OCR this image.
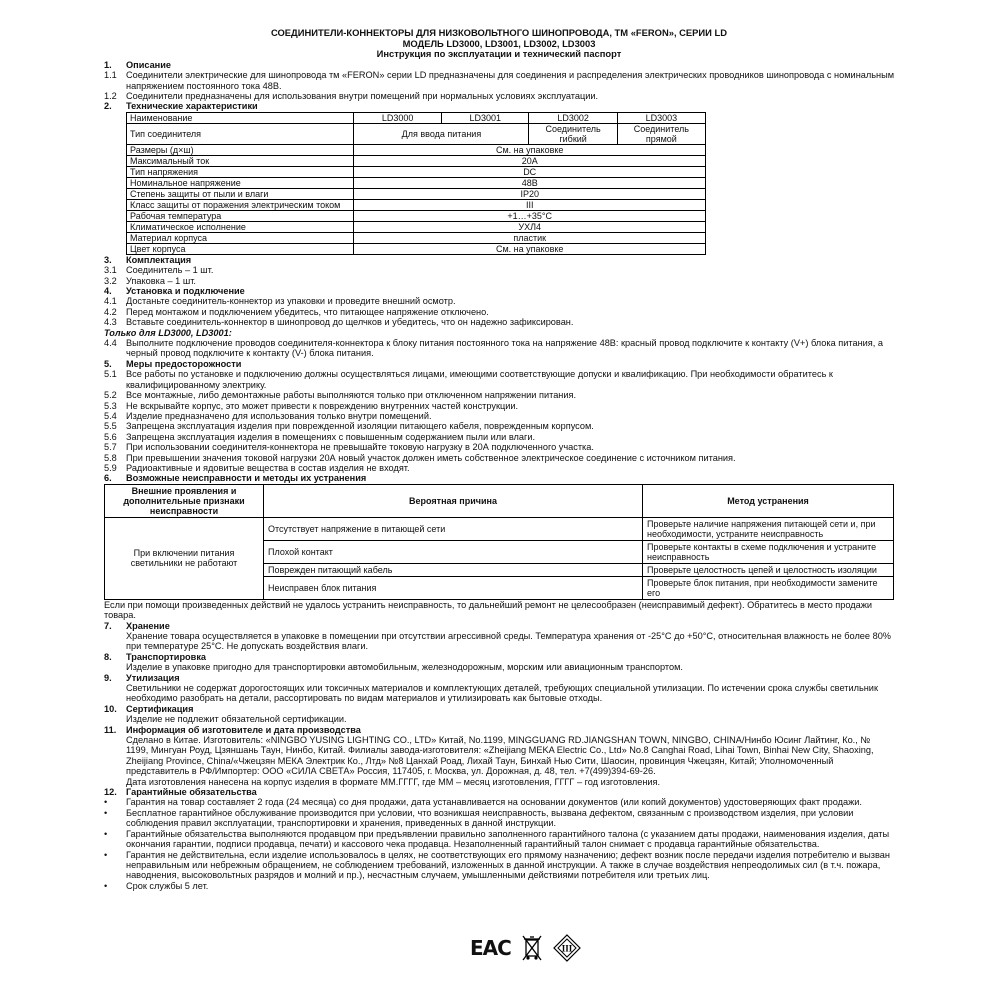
СОЕДИНИТЕЛИ-КОННЕКТОРЫ ДЛЯ НИЗКОВОЛЬТНОГО ШИНОПРОВОДА, ТМ «FERON», СЕРИИ LD
МОДЕЛЬ LD3000, LD3001, LD3002, LD3003
Инструкция по эксплуатации и технический паспорт
1.	Описание
1.1	Соединители электрические для шинопровода тм «FERON» серии LD предназначены для соединения и распределения электрических проводников шинопровода с номинальным напряжением постоянного тока 48В.
1.2	Соединители предназначены для использования внутри помещений при нормальных условиях эксплуатации.
2.	Технические характеристики
Наименование	LD3000	LD3001	LD3002	LD3003
Тип соединителя	Для ввода питания		Соединитель гибкий	Соединитель прямой
Размеры (д×ш)	См. на упаковке			
Максимальный ток	20А			
Тип напряжения	DC			
Номинальное напряжение	48В			
Степень защиты от пыли и влаги	IP20			
Класс защиты от поражения электрическим током	III			
Рабочая температура	+1…+35°С			
Климатическое исполнение	УХЛ4			
Материал корпуса	пластик			
Цвет корпуса	См. на упаковке			
3.	Комплектация
3.1	Соединитель – 1 шт.
3.2	Упаковка – 1 шт.
4.	Установка и подключение
4.1	Достаньте соединитель-коннектор из упаковки и проведите внешний осмотр.
4.2	Перед монтажом и подключением убедитесь, что питающее напряжение отключено.
4.3	Вставьте соединитель-коннектор в шинопровод до щелчков и убедитесь, что он надежно зафиксирован.
Только для LD3000, LD3001:
4.4	Выполните подключение проводов соединителя-коннектора к блоку питания постоянного тока на напряжение 48В: красный провод подключите к контакту (V+) блока питания, а черный провод подключите к контакту (V-) блока питания.
5.	Меры предосторожности
5.1	Все работы по установке и подключению должны осуществляться лицами, имеющими соответствующие допуски и квалификацию. При необходимости обратитесь к квалифицированному электрику.
5.2	Все монтажные, либо демонтажные работы выполняются только при отключенном напряжении питания.
5.3	Не вскрывайте корпус, это может привести к повреждению внутренних частей конструкции.
5.4	Изделие предназначено для использования только внутри помещений.
5.5	Запрещена эксплуатация изделия при поврежденной изоляции питающего кабеля, поврежденным корпусом.
5.6	Запрещена эксплуатация изделия в помещениях с повышенным содержанием пыли или влаги.
5.7	При использовании соединителя-коннектора не превышайте токовую нагрузку в 20А подключенного участка.
5.8	При превышении значения токовой нагрузки 20А новый участок должен иметь собственное электрическое соединение с источником питания.
5.9	Радиоактивные и ядовитые вещества в состав изделия не входят.
6.	Возможные неисправности и методы их устранения
Внешние проявления и дополнительные признаки неисправности	Вероятная причина	Метод устранения
При включении питания светильники не работают	Отсутствует напряжение в питающей сети	Проверьте наличие напряжения питающей сети и, при необходимости, устраните неисправность
	Плохой контакт	Проверьте контакты в схеме подключения и устраните неисправность
	Поврежден питающий кабель	Проверьте целостность цепей и целостность изоляции
	Неисправен блок питания	Проверьте блок питания, при необходимости замените его
Если при помощи произведенных действий не удалось устранить неисправность, то дальнейший ремонт не целесообразен (неисправимый дефект). Обратитесь в место продажи товара.
7.	Хранение
Хранение товара осуществляется в упаковке в помещении при отсутствии агрессивной среды. Температура хранения от -25°С до +50°С, относительная влажность не более 80% при температуре 25°С. Не допускать воздействия влаги.
8.	Транспортировка
Изделие в упаковке пригодно для транспортировки автомобильным, железнодорожным, морским или авиационным транспортом.
9.	Утилизация
Светильники не содержат дорогостоящих или токсичных материалов и комплектующих деталей, требующих специальной утилизации. По истечении срока службы светильник необходимо разобрать на детали, рассортировать по видам материалов и утилизировать как бытовые отходы.
10.	Сертификация
Изделие не подлежит обязательной сертификации.
11.	Информация об изготовителе и дата производства
Сделано в Китае. Изготовитель: «NINGBO YUSING LIGHTING CO., LTD» Китай, No.1199, MINGGUANG RD.JIANGSHAN TOWN, NINGBO, CHINA/Нинбо Юсинг Лайтинг, Ко., № 1199, Мингуан Роуд, Цзяншань Таун, Нинбо, Китай. Филиалы завода-изготовителя: «Zheijiang MEKA Electric Co., Ltd» No.8 Canghai Road, Lihai Town, Binhai New City, Shaoxing, Zheijiang Province, China/«Чжецзян МЕКА Электрик Ко., Лтд» №8 Цанхай Роад, Лихай Таун, Бинхай Нью Сити, Шаосин, провинция Чжецзян, Китай; Уполномоченный представитель в РФ/Импортер: ООО «СИЛА СВЕТА» Россия, 117405, г. Москва, ул. Дорожная, д. 48, тел. +7(499)394-69-26.
Дата изготовления нанесена на корпус изделия в формате ММ.ГГГГ, где ММ – месяц изготовления, ГГГГ – год изготовления.
12.	Гарантийные обязательства
•
Гарантия на товар составляет 2 года (24 месяца) со дня продажи, дата устанавливается на основании документов (или копий документов) удостоверяющих факт продажи.
•
Бесплатное гарантийное обслуживание производится при условии, что возникшая неисправность, вызвана дефектом, связанным с производством изделия, при условии соблюдения правил эксплуатации, транспортировки и хранения, приведенных в данной инструкции.
•
Гарантийные обязательства выполняются продавцом при предъявлении правильно заполненного гарантийного талона (с указанием даты продажи, наименования изделия, даты окончания гарантии, подписи продавца, печати) и кассового чека продавца. Незаполненный гарантийный талон снимает с продавца гарантийные обязательства.
•
Гарантия не действительна, если изделие использовалось в целях, не соответствующих его прямому назначению; дефект возник после передачи изделия потребителю и вызван неправильным или небрежным обращением, не соблюдением требований, изложенных в данной инструкции. А также в случае воздействия непреодолимых сил (в т.ч. пожара, наводнения, высоковольтных разрядов и молний и пр.), несчастным случаем, умышленными действиями потребителя или третьих лиц.
•
Срок службы 5 лет.
EAC	III
